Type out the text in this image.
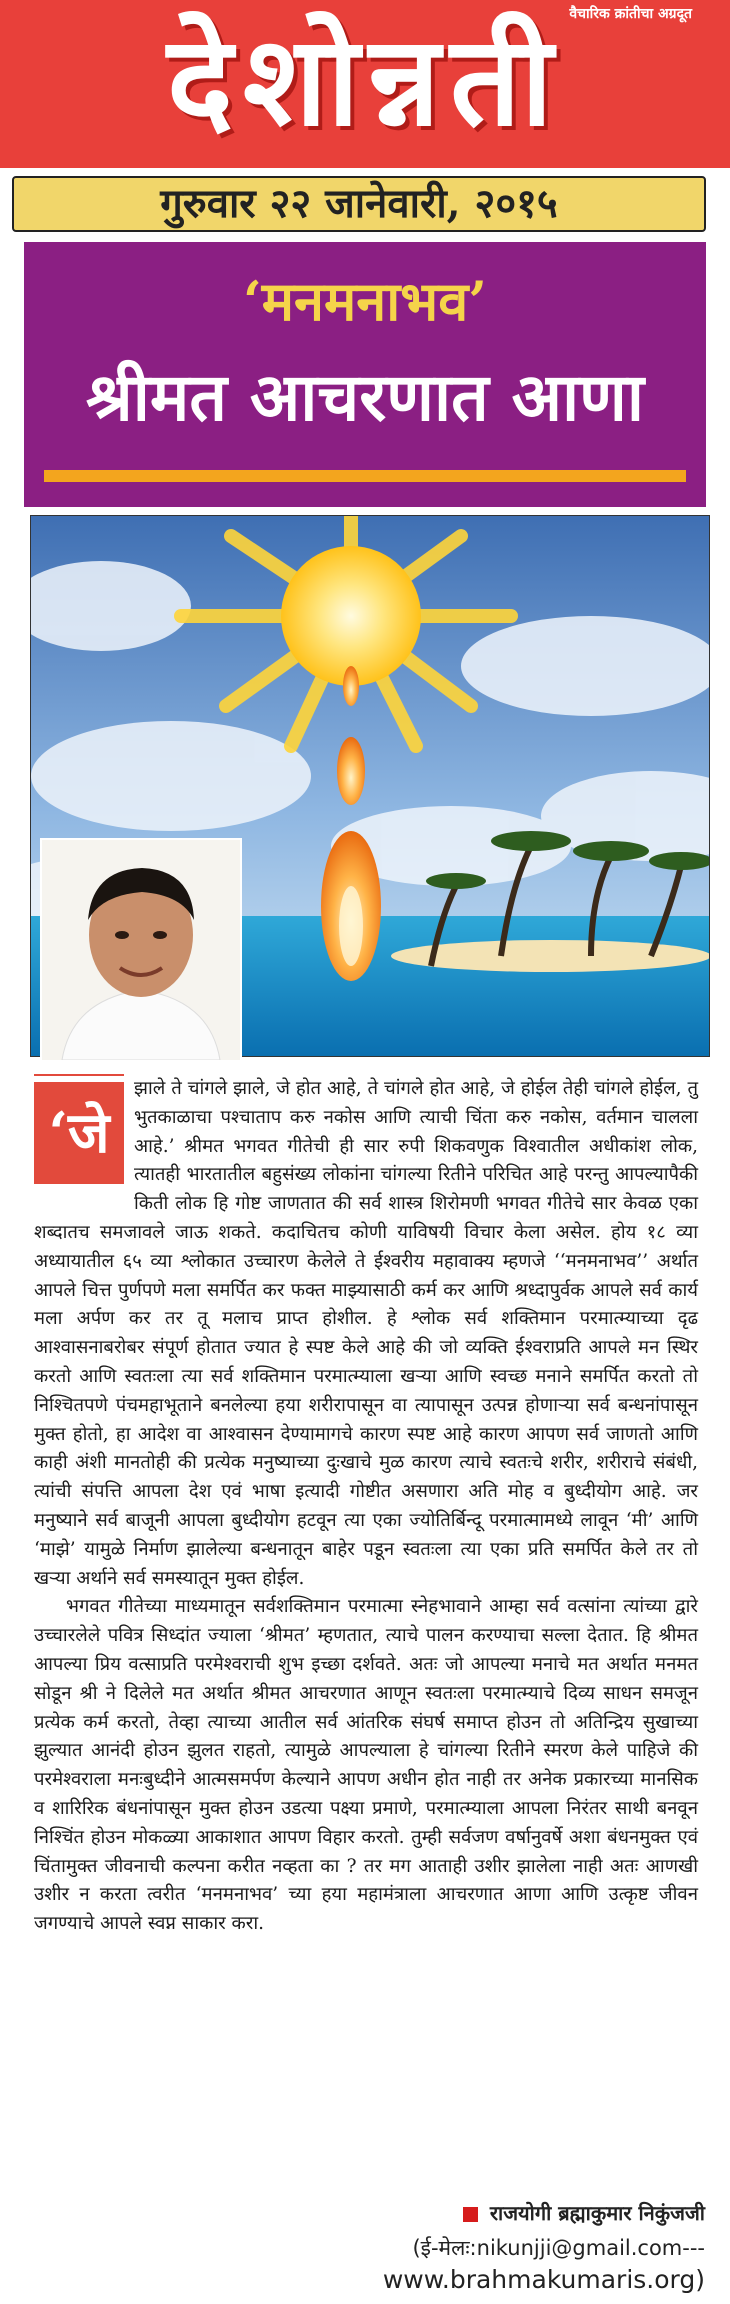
वैचारिक क्रांतीचा अग्रदूत
देशोन्नती
गुरुवार २२ जानेवारी, २०१५
‘मनमनाभव’
श्रीमत आचरणात आणा
‘जे

झाले ते चांगले झाले, जे होत आहे, ते चांगले होत आहे, जे होईल तेही चांगले होईल, तु भुतकाळाचा पश्चाताप करु नकोस आणि त्याची चिंता करु नकोस, वर्तमान चालला आहे.’ श्रीमत भगवत गीतेची ही सार रुपी शिकवणुक विश्वातील अधीकांश लोक, त्यातही भारतातील बहुसंख्य लोकांना चांगल्या रितीने परिचित आहे परन्तु आपल्यापैकी किती लोक हि गोष्ट जाणतात की सर्व शास्त्र शिरोमणी भगवत गीतेचे सार केवळ एका शब्दातच समजावले जाऊ शकते. कदाचितच कोणी याविषयी विचार केला असेल. होय १८ व्या अध्यायातील ६५ व्या श्लोकात उच्चारण केलेले ते ईश्वरीय महावाक्य म्हणजे ‘‘मनमनाभव’’ अर्थात आपले चित्त पुर्णपणे मला समर्पित कर फक्त माझ्यासाठी कर्म कर आणि श्रध्दापुर्वक आपले सर्व कार्य मला अर्पण कर तर तू मलाच प्राप्त होशील. हे श्लोक सर्व शक्तिमान परमात्म्याच्या दृढ आश्वासनाबरोबर संपूर्ण होतात ज्यात हे स्पष्ट केले आहे की जो व्यक्ति ईश्वराप्रति आपले मन स्थिर करतो आणि स्वतःला त्या सर्व शक्तिमान परमात्म्याला खऱ्या आणि स्वच्छ मनाने समर्पित करतो तो निश्चितपणे पंचमहाभूताने बनलेल्या हया शरीरापासून वा त्यापासून उत्पन्न होणाऱ्या सर्व बन्धनांपासून मुक्त होतो, हा आदेश वा आश्वासन देण्यामागचे कारण स्पष्ट आहे कारण आपण सर्व जाणतो आणि काही अंशी मानतोही की प्रत्येक मनुष्याच्या दुःखाचे मुळ कारण त्याचे स्वतःचे शरीर, शरीराचे संबंधी, त्यांची संपत्ति आपला देश एवं भाषा इत्यादी गोष्टीत असणारा अति मोह व बुध्दीयोग आहे. जर मनुष्याने सर्व बाजूनी आपला बुध्दीयोग हटवून त्या एका ज्योतिर्बिन्दू परमात्मामध्ये लावून ‘मी’ आणि ‘माझे’ यामुळे निर्माण झालेल्या बन्धनातून बाहेर पडून स्वतःला त्या एका प्रति समर्पित केले तर तो खऱ्या अर्थाने सर्व समस्यातून मुक्त होईल.

भगवत गीतेच्या माध्यमातून सर्वशक्तिमान परमात्मा स्नेहभावाने आम्हा सर्व वत्सांना त्यांच्या द्वारे उच्चारलेले पवित्र सिध्दांत ज्याला ‘श्रीमत’ म्हणतात, त्याचे पालन करण्याचा सल्ला देतात. हि श्रीमत आपल्या प्रिय वत्साप्रति परमेश्वराची शुभ इच्छा दर्शवते. अतः जो आपल्या मनाचे मत अर्थात मनमत सोडून श्री ने दिलेले मत अर्थात श्रीमत आचरणात आणून स्वतःला परमात्म्याचे दिव्य साधन समजून प्रत्येक कर्म करतो, तेव्हा त्याच्या आतील सर्व आंतरिक संघर्ष समाप्त होउन तो अतिन्द्रिय सुखाच्या झुल्यात आनंदी होउन झुलत राहतो, त्यामुळे आपल्याला हे चांगल्या रितीने स्मरण केले पाहिजे की परमेश्वराला मनःबुध्दीने आत्मसमर्पण केल्याने आपण अधीन होत नाही तर अनेक प्रकारच्या मानसिक व शारिरिक बंधनांपासून मुक्त होउन उडत्या पक्ष्या प्रमाणे, परमात्म्याला आपला निरंतर साथी बनवून निश्चिंत होउन मोकळ्या आकाशात आपण विहार करतो. तुम्ही सर्वजण वर्षानुवर्षे अशा बंधनमुक्त एवं चिंतामुक्त जीवनाची कल्पना करीत नव्हता का ? तर मग आताही उशीर झालेला नाही अतः आणखी उशीर न करता त्वरीत ‘मनमनाभव’ च्या हया महामंत्राला आचरणात आणा आणि उत्कृष्ट जीवन जगण्याचे आपले स्वप्न साकार करा.

राजयोगी ब्रह्माकुमार निकुंजजी
(ई-मेलः:nikunjji@gmail.com---
www.brahmakumaris.org)
